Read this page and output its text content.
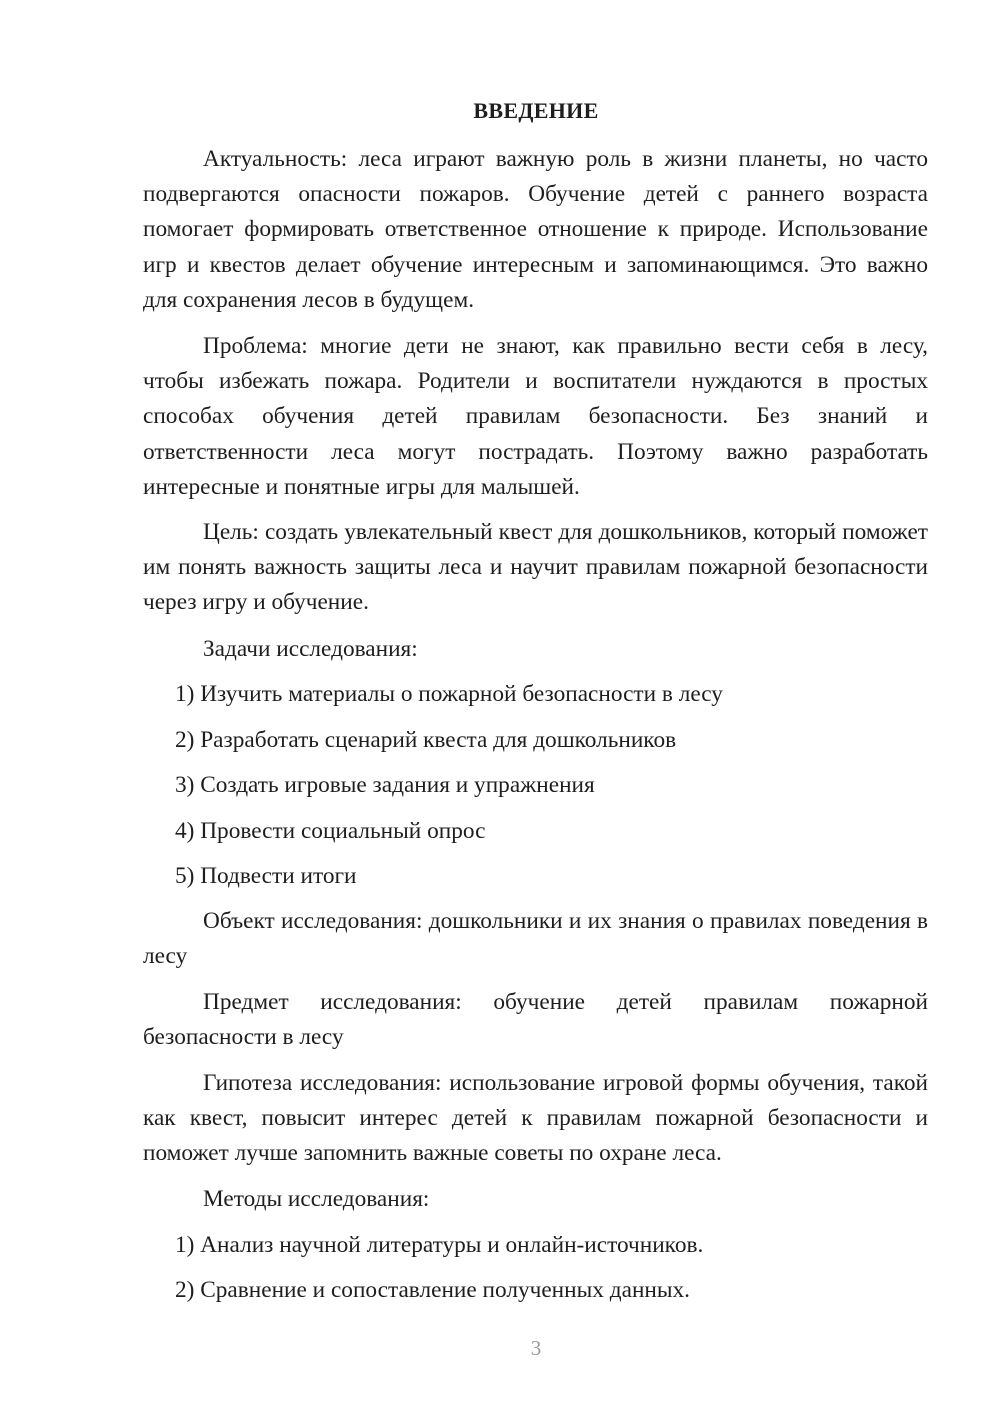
ВВЕДЕНИЕ

Актуальность: леса играют важную роль в жизни планеты, но часто подвергаются опасности пожаров. Обучение детей с раннего возраста помогает формировать ответственное отношение к природе. Использование игр и квестов делает обучение интересным и запоминающимся. Это важно для сохранения лесов в будущем.

Проблема: многие дети не знают, как правильно вести себя в лесу, чтобы избежать пожара. Родители и воспитатели нуждаются в простых способах обучения детей правилам безопасности. Без знаний и ответственности леса могут пострадать. Поэтому важно разработать интересные и понятные игры для малышей.

Цель: создать увлекательный квест для дошкольников, который поможет им понять важность защиты леса и научит правилам пожарной безопасности через игру и обучение.

Задачи исследования:

1) Изучить материалы о пожарной безопасности в лесу

2) Разработать сценарий квеста для дошкольников

3) Создать игровые задания и упражнения

4) Провести социальный опрос

5) Подвести итоги

Объект исследования: дошкольники и их знания о правилах поведения в лесу

Предмет исследования: обучение детей правилам пожарной безопасности в лесу

Гипотеза исследования: использование игровой формы обучения, такой как квест, повысит интерес детей к правилам пожарной безопасности и поможет лучше запомнить важные советы по охране леса.

Методы исследования:

1) Анализ научной литературы и онлайн-источников.

2) Сравнение и сопоставление полученных данных.

3
